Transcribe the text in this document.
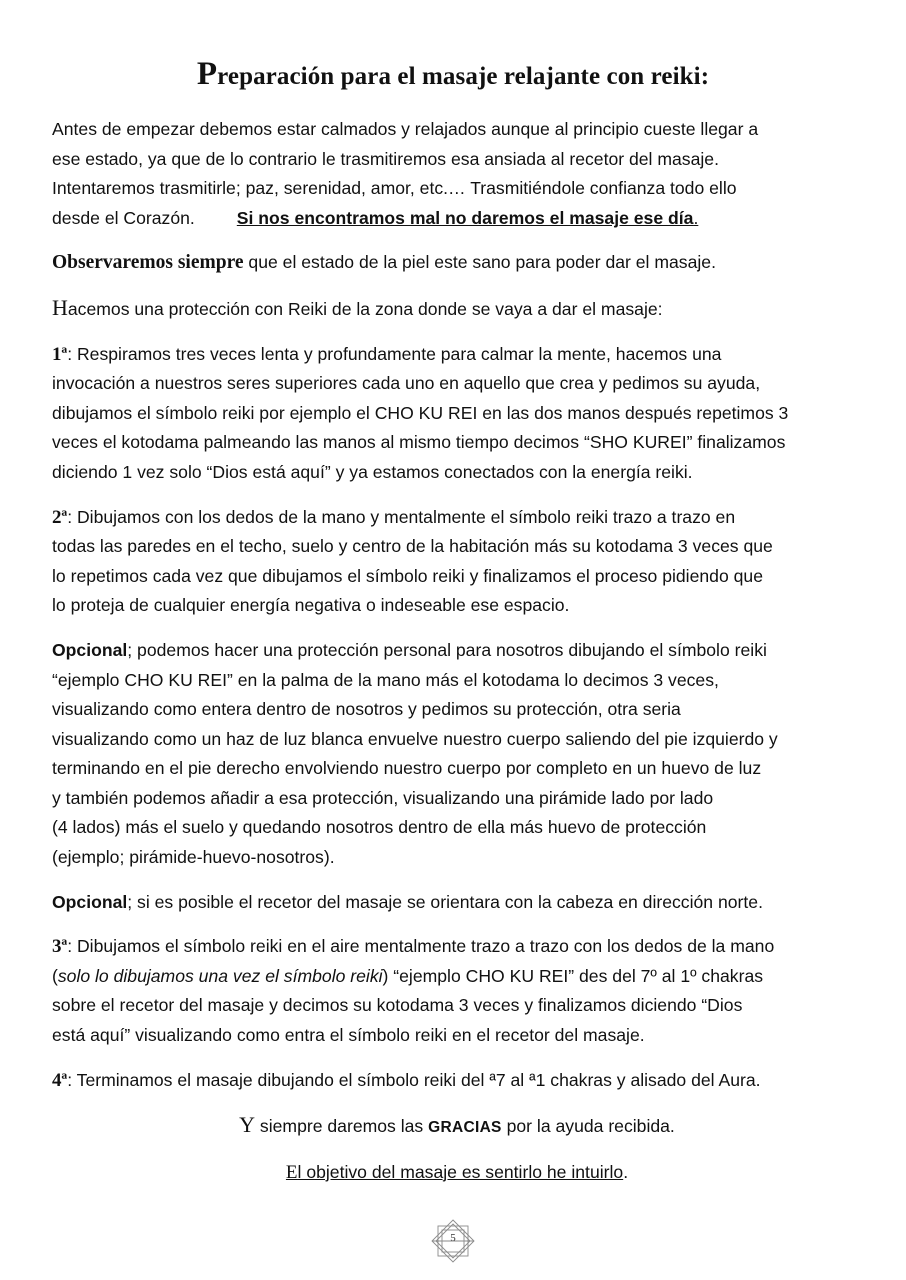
Preparación para el masaje relajante con reiki:

Antes de empezar debemos estar calmados y relajados aunque al principio cueste llegar a
ese estado, ya que de lo contrario le trasmitiremos esa ansiada al recetor del masaje.
Intentaremos trasmitirle; paz, serenidad, amor, etc.… Trasmitiéndole confianza todo ello
desde el Corazón. Si nos encontramos mal no daremos el masaje ese día.

Observaremos siempre que el estado de la piel este sano para poder dar el masaje.

Hacemos una protección con Reiki de la zona donde se vaya a dar el masaje:

1ª: Respiramos tres veces lenta y profundamente para calmar la mente, hacemos una
invocación a nuestros seres superiores cada uno en aquello que crea y pedimos su ayuda,
dibujamos el símbolo reiki por ejemplo el CHO KU REI en las dos manos después repetimos 3
veces el kotodama palmeando las manos al mismo tiempo decimos “SHO KUREI” finalizamos
diciendo 1 vez solo “Dios está aquí” y ya estamos conectados con la energía reiki.

2ª: Dibujamos con los dedos de la mano y mentalmente el símbolo reiki trazo a trazo en
todas las paredes en el techo, suelo y centro de la habitación más su kotodama 3 veces que
lo repetimos cada vez que dibujamos el símbolo reiki y finalizamos el proceso pidiendo que
lo proteja de cualquier energía negativa o indeseable ese espacio.

Opcional; podemos hacer una protección personal para nosotros dibujando el símbolo reiki
“ejemplo CHO KU REI” en la palma de la mano más el kotodama lo decimos 3 veces,
visualizando como entera dentro de nosotros y pedimos su protección, otra seria
visualizando como un haz de luz blanca envuelve nuestro cuerpo saliendo del pie izquierdo y
terminando en el pie derecho envolviendo nuestro cuerpo por completo en un huevo de luz
y también podemos añadir a esa protección, visualizando una pirámide lado por lado
(4 lados) más el suelo y quedando nosotros dentro de ella más huevo de protección
(ejemplo; pirámide-huevo-nosotros).

Opcional; si es posible el recetor del masaje se orientara con la cabeza en dirección norte.

3ª: Dibujamos el símbolo reiki en el aire mentalmente trazo a trazo con los dedos de la mano
(solo lo dibujamos una vez el símbolo reiki) “ejemplo CHO KU REI” des del 7º al 1º chakras
sobre el recetor del masaje y decimos su kotodama 3 veces y finalizamos diciendo “Dios
está aquí” visualizando como entra el símbolo reiki en el recetor del masaje.

4ª: Terminamos el masaje dibujando el símbolo reiki del ª7 al ª1 chakras y alisado del Aura.

Y siempre daremos las GRACIAS por la ayuda recibida.

El objetivo del masaje es sentirlo he intuirlo.

5
